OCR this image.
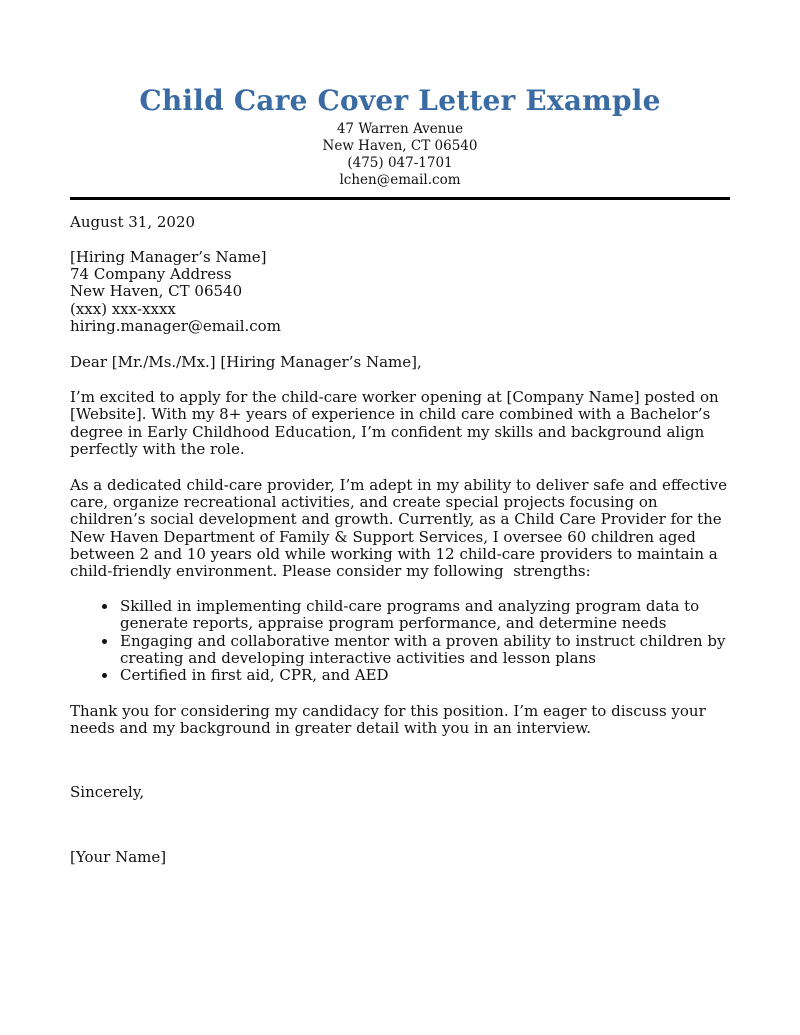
Child Care Cover Letter Example
47 Warren Avenue
New Haven, CT 06540
(475) 047-1701
lchen@email.com
August 31, 2020
[Hiring Manager’s Name]
74 Company Address
New Haven, CT 06540
(xxx) xxx-xxxx
hiring.manager@email.com
Dear [Mr./Ms./Mx.] [Hiring Manager’s Name],

I’m excited to apply for the child-care worker opening at [Company Name] posted on [Website]. With my 8+ years of experience in child care combined with a Bachelor’s degree in Early Childhood Education, I’m confident my skills and background align perfectly with the role.

As a dedicated child-care provider, I’m adept in my ability to deliver safe and effective care, organize recreational activities, and create special projects focusing on children’s social development and growth. Currently, as a Child Care Provider for the New Haven Department of Family & Support Services, I oversee 60 children aged between 2 and 10 years old while working with 12 child-care providers to maintain a child-friendly environment. Please consider my following  strengths:

• Skilled in implementing child-care programs and analyzing program data to generate reports, appraise program performance, and determine needs
• Engaging and collaborative mentor with a proven ability to instruct children by creating and developing interactive activities and lesson plans
• Certified in first aid, CPR, and AED

Thank you for considering my candidacy for this position. I’m eager to discuss your needs and my background in greater detail with you in an interview.

Sincerely,
[Your Name]
